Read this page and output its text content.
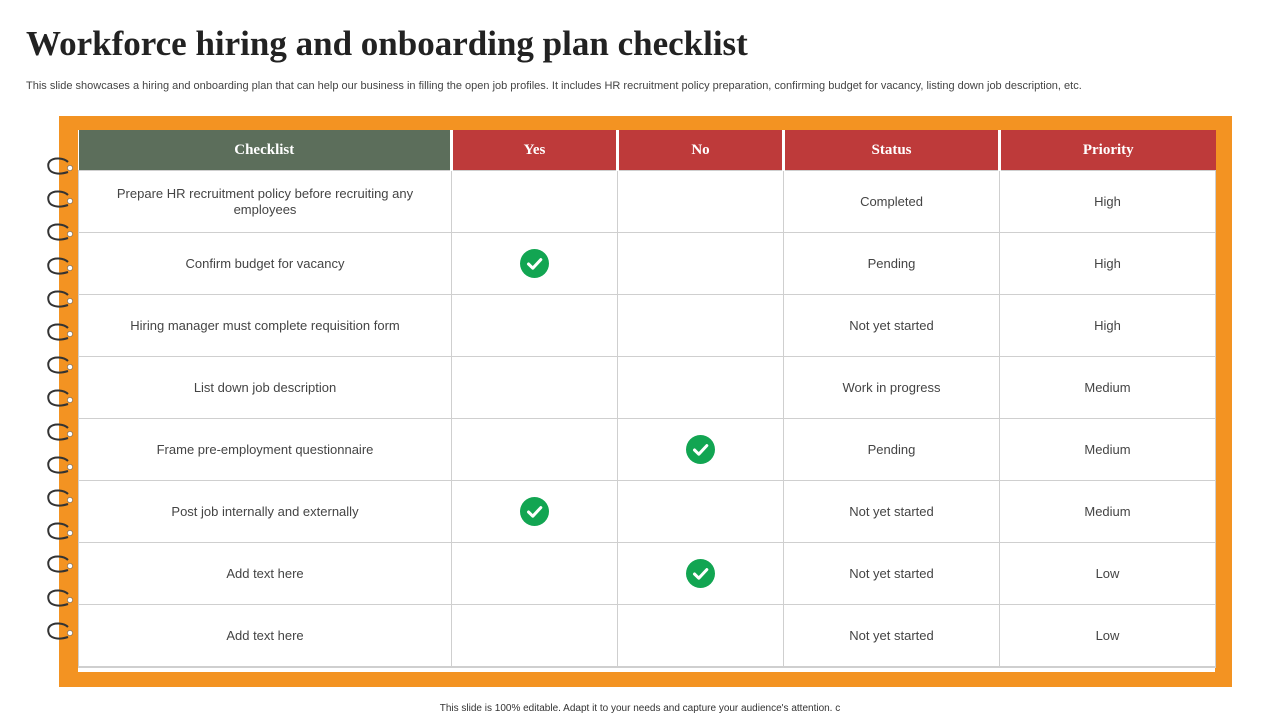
Workforce hiring and onboarding plan checklist

This slide showcases a hiring and onboarding plan that can help our business in filling the open job profiles. It includes HR recruitment policy preparation, confirming budget for vacancy, listing down job description, etc.

Checklist	Yes	No	Status	Priority
Prepare HR recruitment policy before recruiting any employees			Completed	High
Confirm budget for vacancy			Pending	High
Hiring manager must complete requisition form			Not yet started	High
List down job description			Work in progress	Medium
Frame pre-employment questionnaire			Pending	Medium
Post job internally and externally			Not yet started	Medium
Add text here			Not yet started	Low
Add text here			Not yet started	Low

This slide is 100% editable. Adapt it to your needs and capture your audience's attention. c
